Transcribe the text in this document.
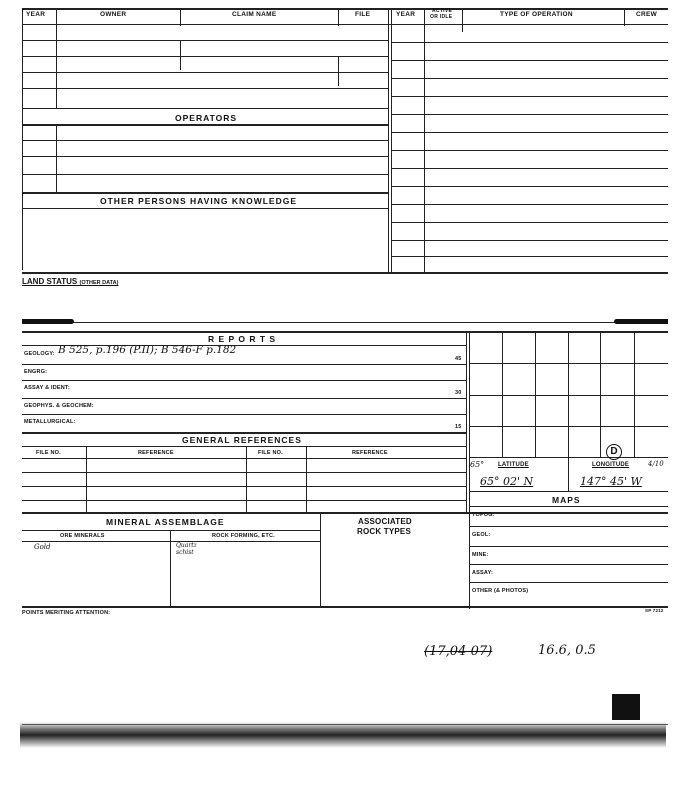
YEAR	OWNER	CLAIM NAME	FILE	YEAR	ACTIVE
OR IDLE	TYPE OF OPERATION	CREW
OPERATORS
OTHER PERSONS HAVING KNOWLEDGE
LAND STATUS (OTHER DATA)
R E P O R T S
GEOLOGY: B 525, p.196 (P.II); B 546-F p.182
45
ENGRG:
ASSAY & IDENT:
30
GEOPHYS. & GEOCHEM:
METALLURGICAL:
15
GENERAL REFERENCES
FILE NO.	REFERENCE	FILE NO.	REFERENCE	D
65° LATITUDE	LONGITUDE	4/10
65° 02' N	147° 45' W
MAPS
TOPOG:
GEOL:
MINE:
ASSAY:
OTHER (& PHOTOS)
MINERAL ASSEMBLAGE	ASSOCIATED
ROCK TYPES
ORE MINERALS	ROCK FORMING, ETC.
Gold	Quartz
schist
POINTS MERITING ATTENTION:	SP 7212
(17,04-07)	16.6, 0.5
